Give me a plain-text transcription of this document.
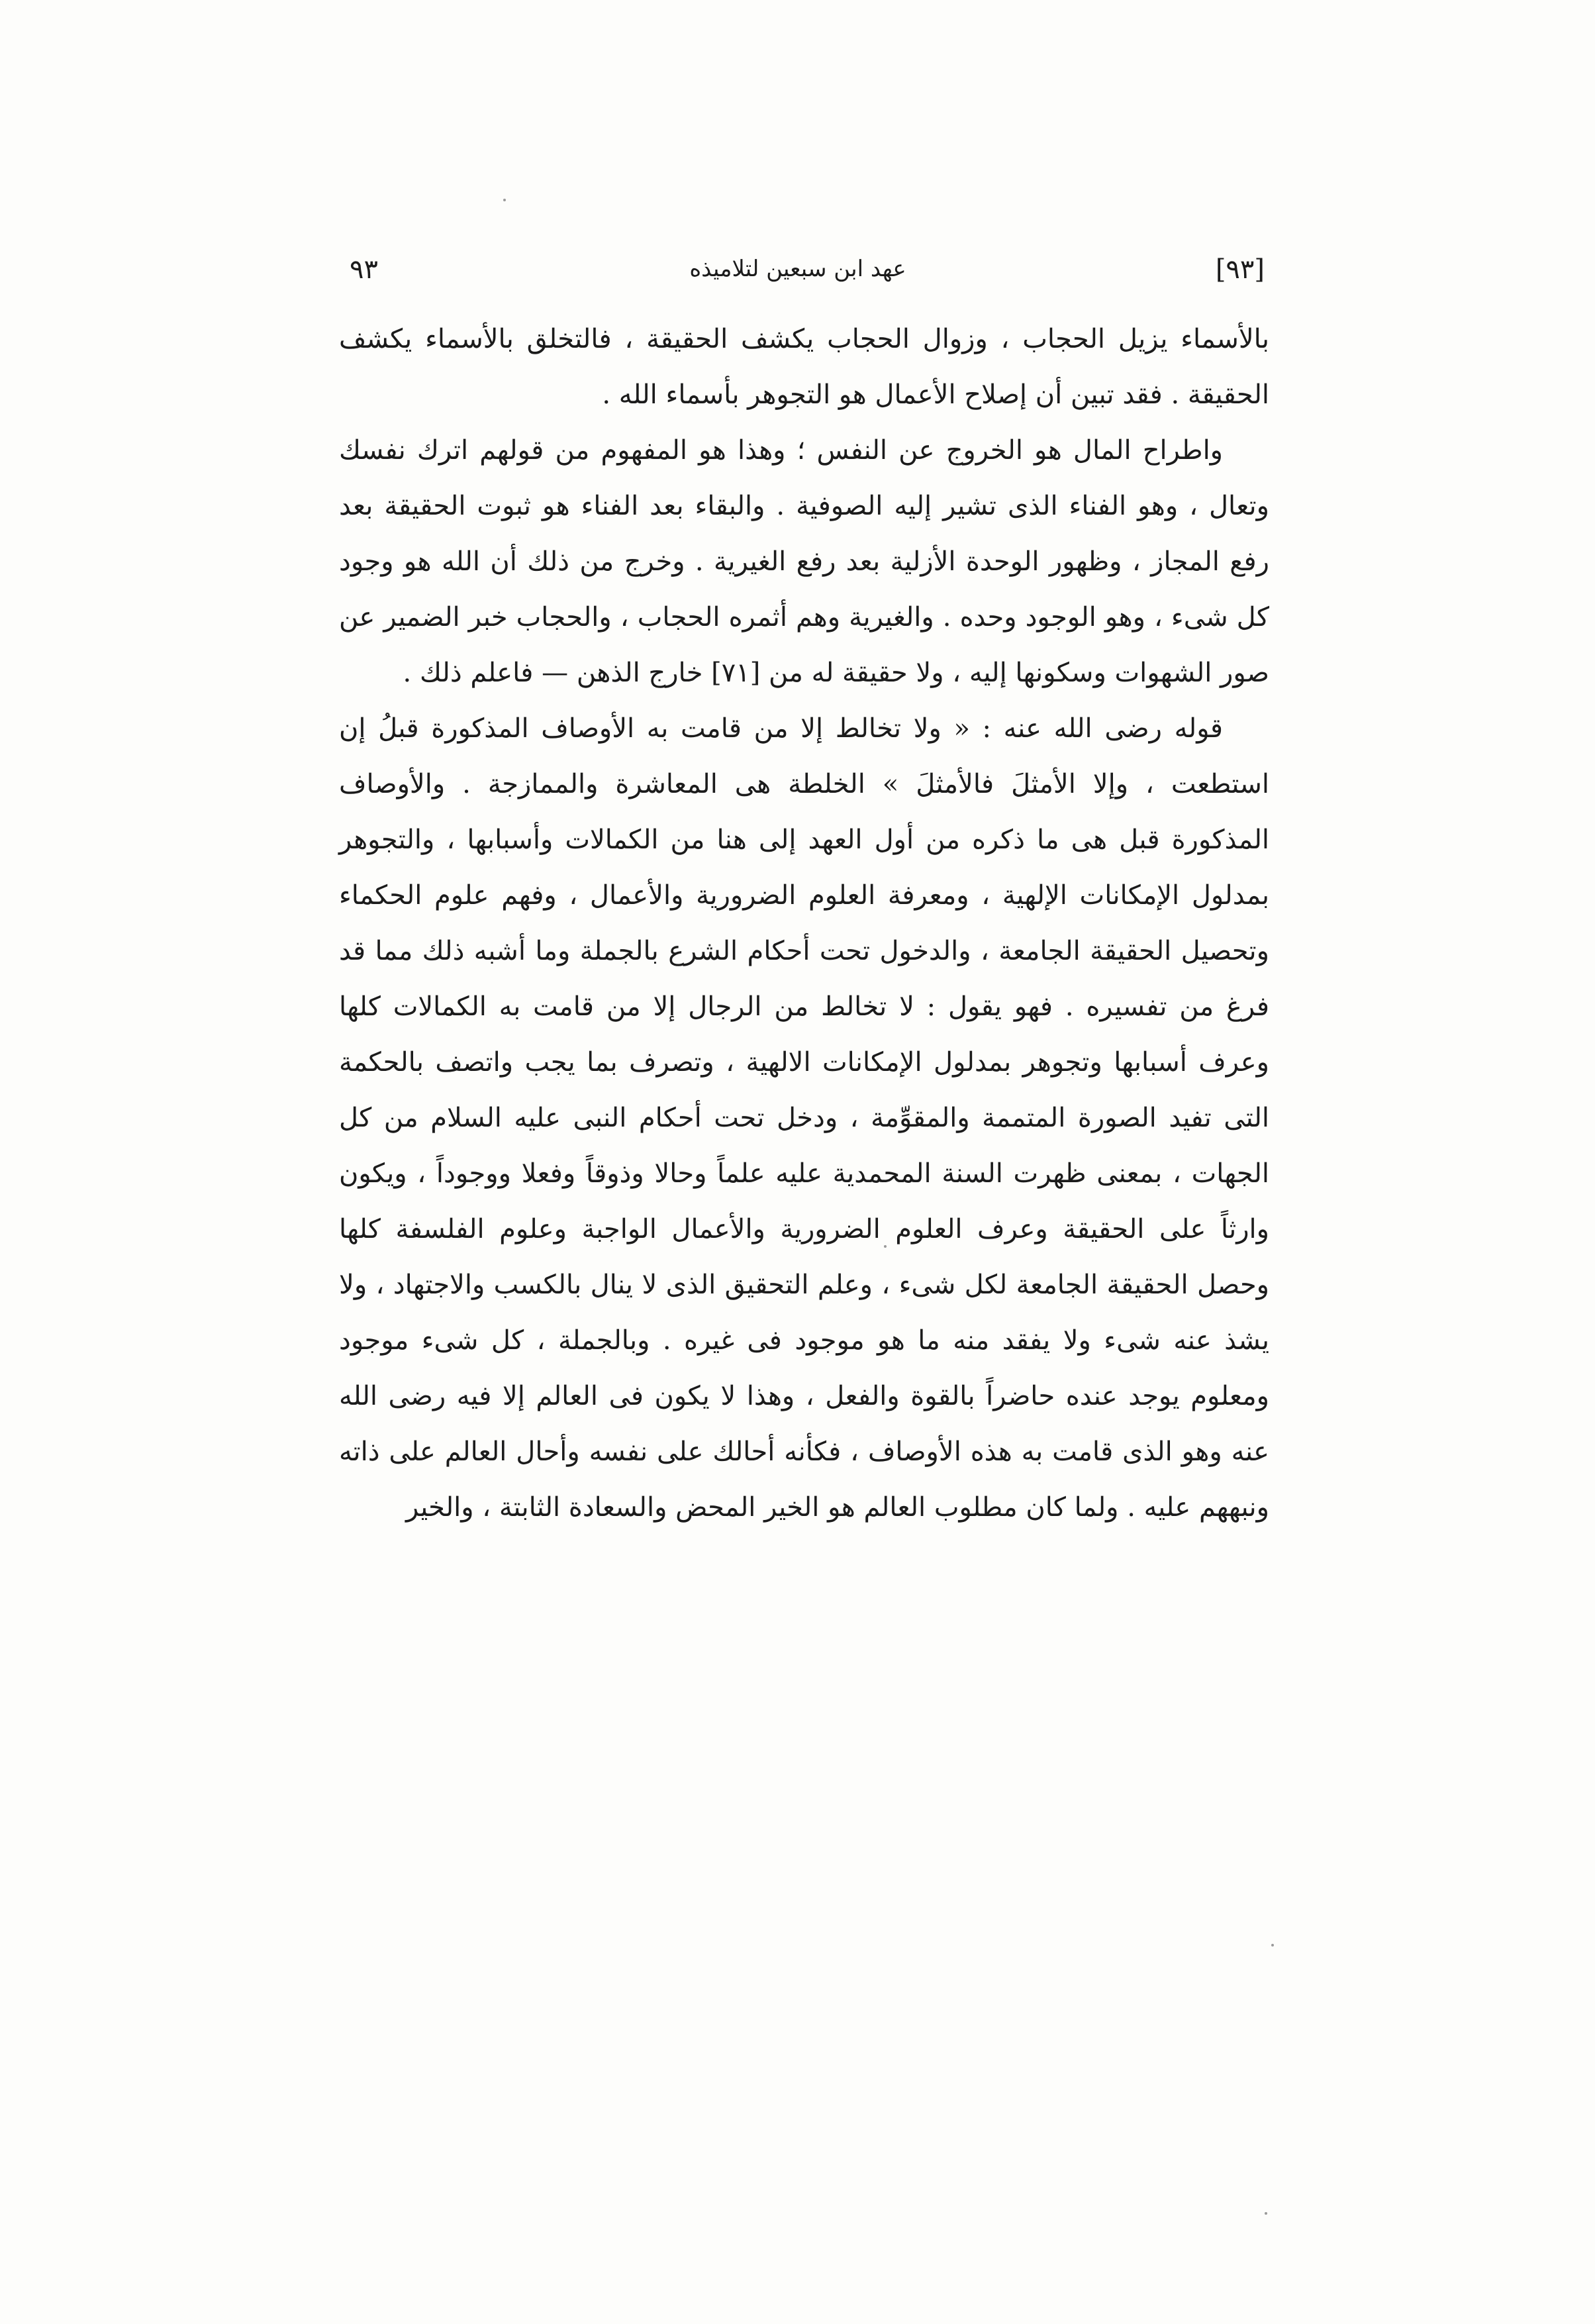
[٩٣]
عهد ابن سبعين لتلاميذه
٩٣

بالأسماء يزيل الحجاب ، وزوال الحجاب يكشف الحقيقة ، فالتخلق بالأسماء يكشف الحقيقة . فقد تبين أن إصلاح الأعمال هو التجوهر بأسماء الله .

واطراح المال هو الخروج عن النفس ؛ وهذا هو المفهوم من قولهم اترك نفسك وتعال ، وهو الفناء الذى تشير إليه الصوفية . والبقاء بعد الفناء هو ثبوت الحقيقة بعد رفع المجاز ، وظهور الوحدة الأزلية بعد رفع الغيرية . وخرج من ذلك أن الله هو وجود كل شىء ، وهو الوجود وحده . والغيرية وهم أثمره الحجاب ، والحجاب خبر الضمير عن صور الشهوات وسكونها إليه ، ولا حقيقة له من [٧١] خارج الذهن — فاعلم ذلك .

قوله رضى الله عنه : « ولا تخالط إلا من قامت به الأوصاف المذكورة قبلُ إن استطعت ، وإلا الأمثلَ فالأمثلَ » الخلطة هى المعاشرة والممازجة . والأوصاف المذكورة قبل هى ما ذكره من أول العهد إلى هنا من الكمالات وأسبابها ، والتجوهر بمدلول الإمكانات الإلهية ، ومعرفة العلوم الضرورية والأعمال ، وفهم علوم الحكماء وتحصيل الحقيقة الجامعة ، والدخول تحت أحكام الشرع بالجملة وما أشبه ذلك مما قد فرغ من تفسيره . فهو يقول : لا تخالط من الرجال إلا من قامت به الكمالات كلها وعرف أسبابها وتجوهر بمدلول الإمكانات الالهية ، وتصرف بما يجب واتصف بالحكمة التى تفيد الصورة المتممة والمقوِّمة ، ودخل تحت أحكام النبى عليه السلام من كل الجهات ، بمعنى ظهرت السنة المحمدية عليه علماً وحالا وذوقاً وفعلا ووجوداً ، ويكون وارثاً على الحقيقة وعرف العلوم الضرورية والأعمال الواجبة وعلوم الفلسفة كلها وحصل الحقيقة الجامعة لكل شىء ، وعلم التحقيق الذى لا ينال بالكسب والاجتهاد ، ولا يشذ عنه شىء ولا يفقد منه ما هو موجود فى غيره . وبالجملة ، كل شىء موجود ومعلوم يوجد عنده حاضراً بالقوة والفعل ، وهذا لا يكون فى العالم إلا فيه رضى الله عنه وهو الذى قامت به هذه الأوصاف ، فكأنه أحالك على نفسه وأحال العالم على ذاته ونبههم عليه . ولما كان مطلوب العالم هو الخير المحض والسعادة الثابتة ، والخير
